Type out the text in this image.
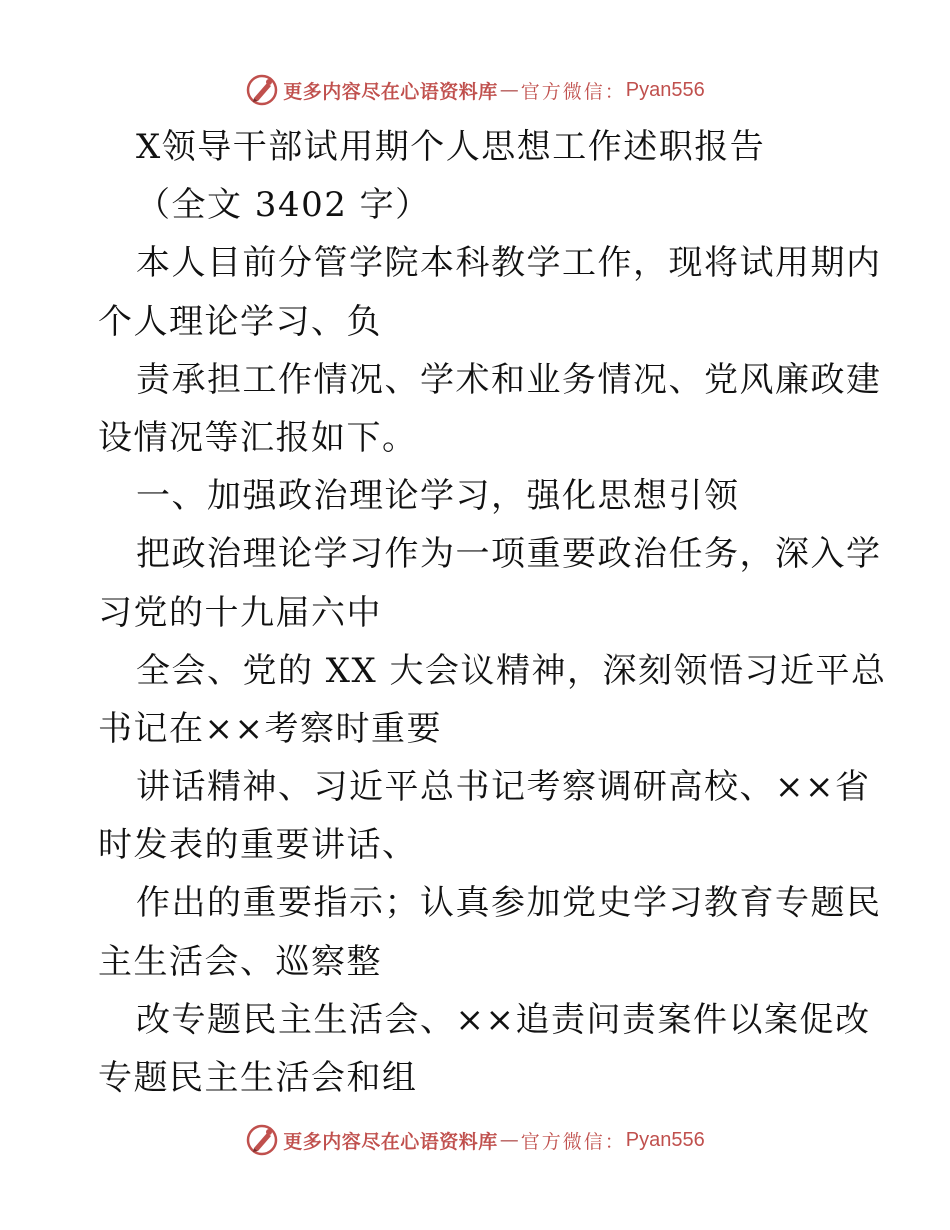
更多内容尽在心语资料库 — 官方微信： Pyan556
X领导干部试用期个人思想工作述职报告
（全文 3402 字）
本人目前分管学院本科教学工作，现将试用期内
个人理论学习、负
责承担工作情况、学术和业务情况、党风廉政建
设情况等汇报如下。
一、加强政治理论学习，强化思想引领
把政治理论学习作为一项重要政治任务，深入学
习党的十九届六中
全会、党的 XX 大会议精神，深刻领悟习近平总
书记在××考察时重要
讲话精神、习近平总书记考察调研高校、××省
时发表的重要讲话、
作出的重要指示；认真参加党史学习教育专题民
主生活会、巡察整
改专题民主生活会、××追责问责案件以案促改
专题民主生活会和组
更多内容尽在心语资料库 — 官方微信： Pyan556
